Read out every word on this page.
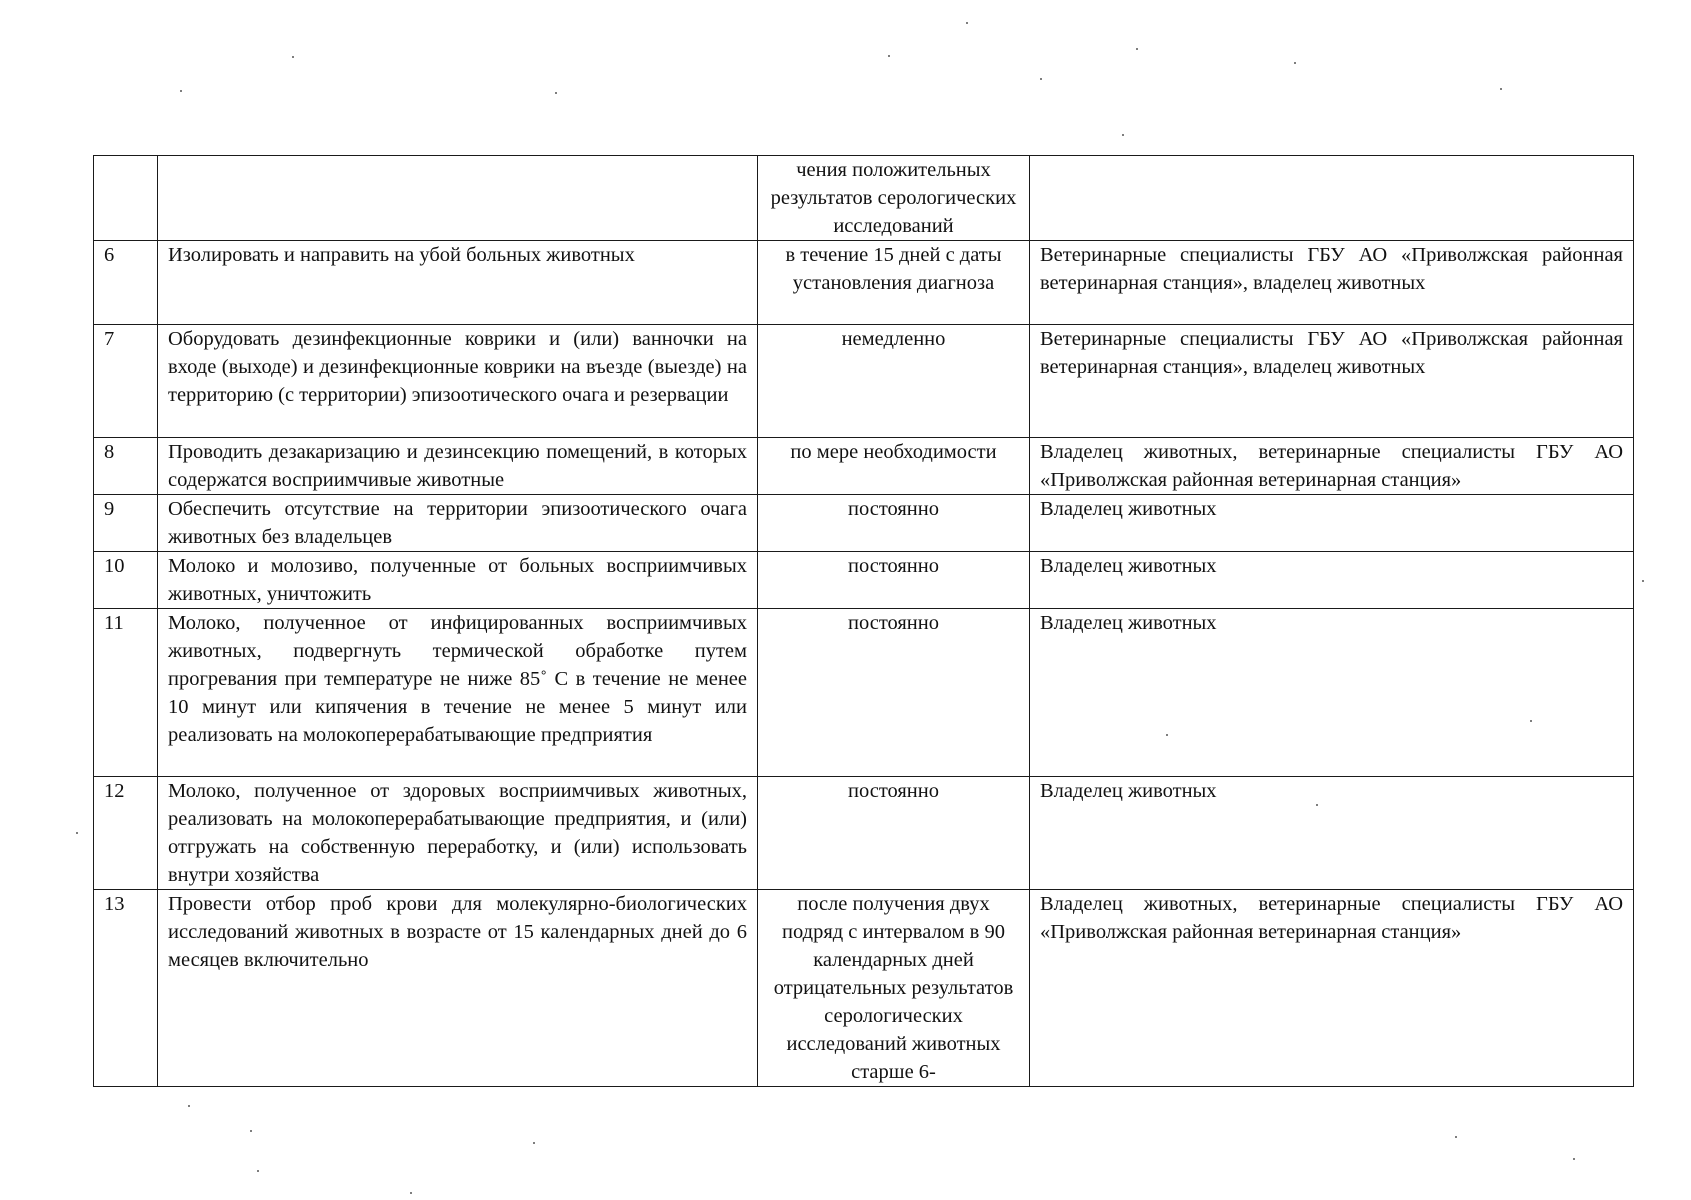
		чения положительных результатов серологических исследований	
6	Изолировать и направить на убой больных животных	в течение 15 дней с даты установления диагноза	Ветеринарные специалисты ГБУ АО «Приволжская районная ветеринарная станция», владелец животных
7	Оборудовать дезинфекционные коврики и (или) ванночки на входе (выходе) и дезинфекционные коврики на въезде (выезде) на территорию (с территории) эпизоотического очага и резервации	немедленно	Ветеринарные специалисты ГБУ АО «Приволжская районная ветеринарная станция», владелец животных
8	Проводить дезакаризацию и дезинсекцию помещений, в которых содержатся восприимчивые животные	по мере необходимости	Владелец животных, ветеринарные специалисты ГБУ АО «Приволжская районная ветеринарная станция»
9	Обеспечить отсутствие на территории эпизоотического очага животных без владельцев	постоянно	Владелец животных
10	Молоко и молозиво, полученные от больных восприимчивых животных, уничтожить	постоянно	Владелец животных
11	Молоко, полученное от инфицированных восприимчивых животных, подвергнуть термической обработке путем прогревания при температуре не ниже 85˚ С в течение не менее 10 минут или кипячения в течение не менее 5 минут или реализовать на молокоперерабатывающие предприятия	постоянно	Владелец животных
12	Молоко, полученное от здоровых восприимчивых животных, реализовать на молокоперерабатывающие предприятия, и (или) отгружать на собственную переработку, и (или) использовать внутри хозяйства	постоянно	Владелец животных
13	Провести отбор проб крови для молекулярно-биологических исследований животных в возрасте от 15 календарных дней до 6 месяцев включительно	после получения двух подряд с интервалом в 90 календарных дней отрицательных результатов серологических исследований животных старше 6-	Владелец животных, ветеринарные специалисты ГБУ АО «Приволжская районная ветеринарная станция»
